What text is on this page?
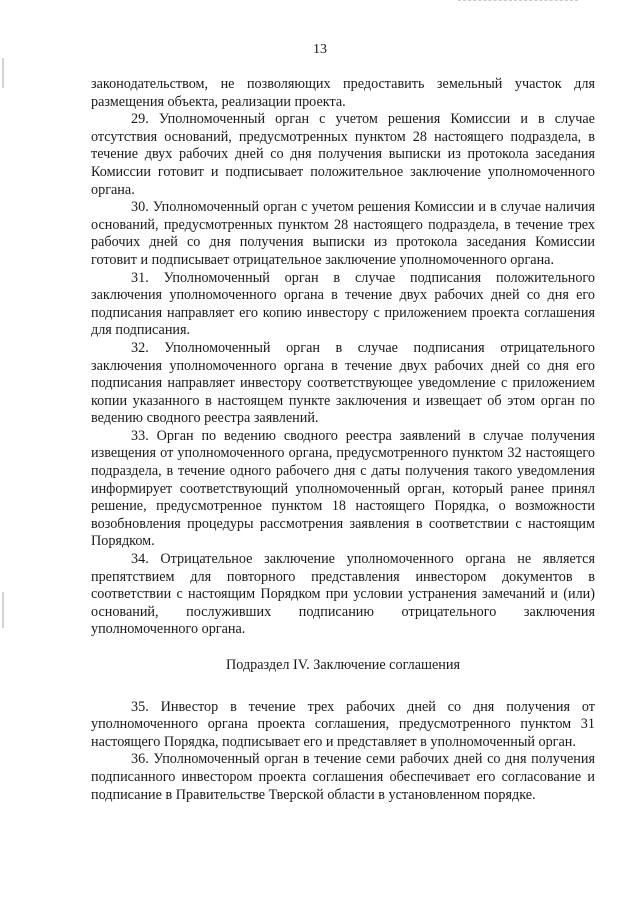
13

законодательством, не позволяющих предоставить земельный участок для размещения объекта, реализации проекта.

29. Уполномоченный орган с учетом решения Комиссии и в случае отсутствия оснований, предусмотренных пунктом 28 настоящего подраздела, в течение двух рабочих дней со дня получения выписки из протокола заседания Комиссии готовит и подписывает положительное заключение уполномоченного органа.

30. Уполномоченный орган с учетом решения Комиссии и в случае наличия оснований, предусмотренных пунктом 28 настоящего подраздела, в течение трех рабочих дней со дня получения выписки из протокола заседания Комиссии готовит и подписывает отрицательное заключение уполномоченного органа.

31. Уполномоченный орган в случае подписания положительного заключения уполномоченного органа в течение двух рабочих дней со дня его подписания направляет его копию инвестору с приложением проекта соглашения для подписания.

32. Уполномоченный орган в случае подписания отрицательного заключения уполномоченного органа в течение двух рабочих дней со дня его подписания направляет инвестору соответствующее уведомление с приложением копии указанного в настоящем пункте заключения и извещает об этом орган по ведению сводного реестра заявлений.

33. Орган по ведению сводного реестра заявлений в случае получения извещения от уполномоченного органа, предусмотренного пунктом 32 настоящего подраздела, в течение одного рабочего дня с даты получения такого уведомления информирует соответствующий уполномоченный орган, который ранее принял решение, предусмотренное пунктом 18 настоящего Порядка, о возможности возобновления процедуры рассмотрения заявления в соответствии с настоящим Порядком.

34. Отрицательное заключение уполномоченного органа не является препятствием для повторного представления инвестором документов в соответствии с настоящим Порядком при условии устранения замечаний и (или) оснований, послуживших подписанию отрицательного заключения уполномоченного органа.

Подраздел IV. Заключение соглашения

35. Инвестор в течение трех рабочих дней со дня получения от уполномоченного органа проекта соглашения, предусмотренного пунктом 31 настоящего Порядка, подписывает его и представляет в уполномоченный орган.

36. Уполномоченный орган в течение семи рабочих дней со дня получения подписанного инвестором проекта соглашения обеспечивает его согласование и подписание в Правительстве Тверской области в установленном порядке.
